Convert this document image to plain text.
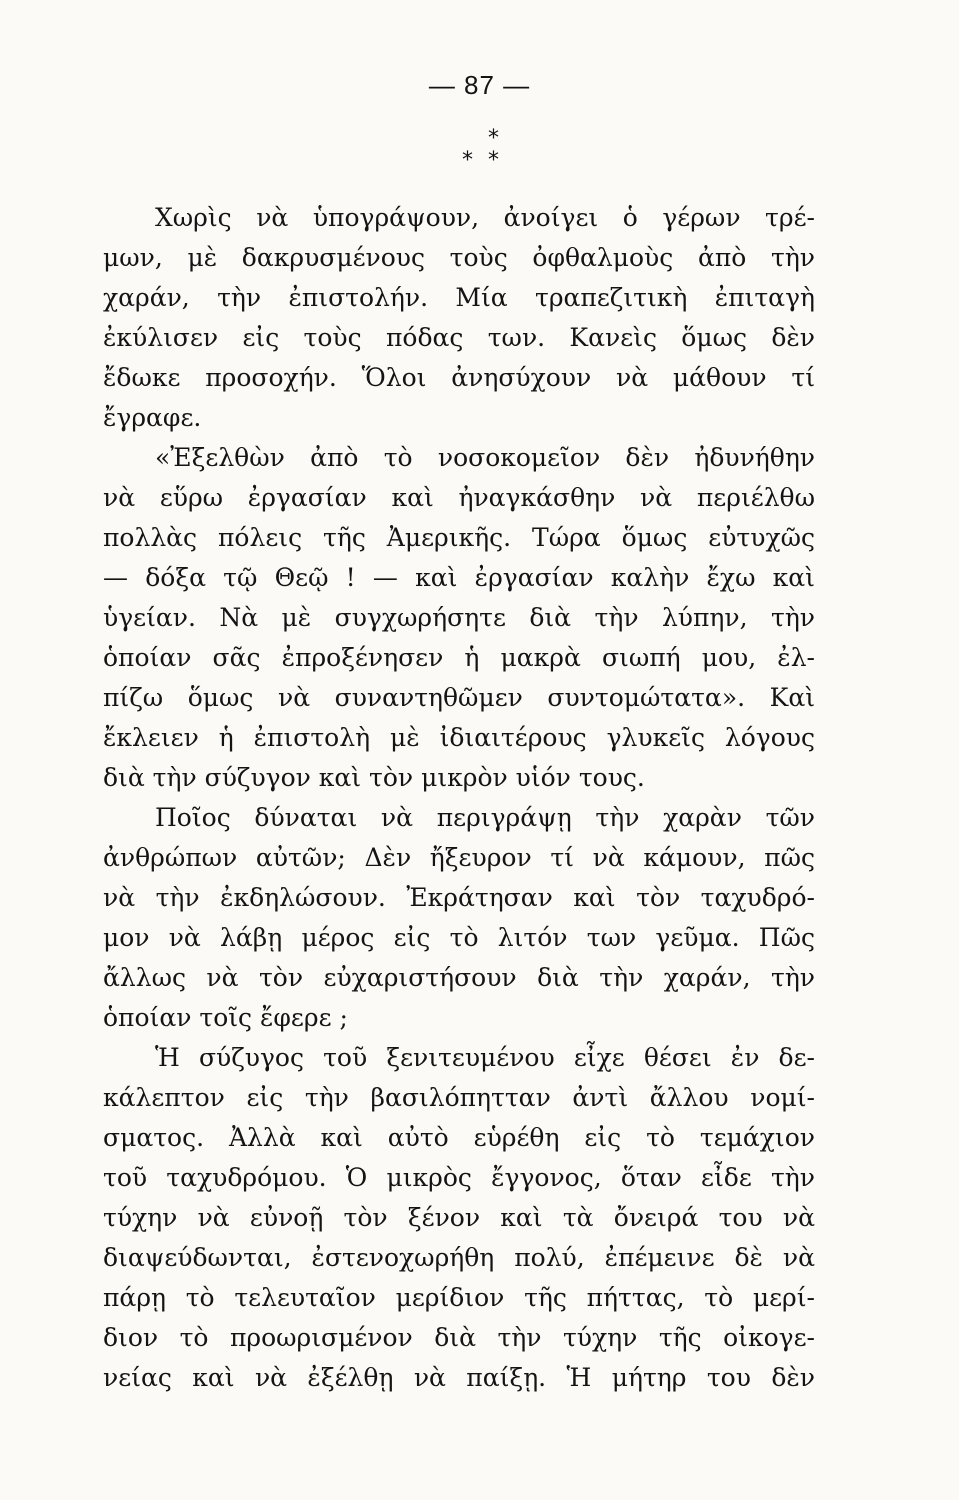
— 87 —
*
* *
Χωρὶς νὰ ὑπογράψουν, ἀνοίγει ὁ γέρων τρέ-
μων, μὲ δακρυσμένους τοὺς ὀφθαλμοὺς ἀπὸ τὴν
χαράν, τὴν ἐπιστολήν. Μία τραπεζιτικὴ ἐπιταγὴ
ἐκύλισεν εἰς τοὺς πόδας των. Κανεὶς ὅμως δὲν
ἔδωκε προσοχήν. Ὅλοι ἀνησύχουν νὰ μάθουν τί
ἔγραφε.
«Ἐξελθὼν ἀπὸ τὸ νοσοκομεῖον δὲν ἠδυνήθην
νὰ εὕρω ἐργασίαν καὶ ἠναγκάσθην νὰ περιέλθω
πολλὰς πόλεις τῆς Ἀμερικῆς. Τώρα ὅμως εὐτυχῶς
— δόξα τῷ Θεῷ ! — καὶ ἐργασίαν καλὴν ἔχω καὶ
ὑγείαν. Νὰ μὲ συγχωρήσητε διὰ τὴν λύπην, τὴν
ὁποίαν σᾶς ἐπροξένησεν ἡ μακρὰ σιωπή μου, ἐλ-
πίζω ὅμως νὰ συναντηθῶμεν συντομώτατα». Καὶ
ἔκλειεν ἡ ἐπιστολὴ μὲ ἰδιαιτέρους γλυκεῖς λόγους
διὰ τὴν σύζυγον καὶ τὸν μικρὸν υἱόν τους.
Ποῖος δύναται νὰ περιγράψῃ τὴν χαρὰν τῶν
ἀνθρώπων αὐτῶν; Δὲν ἤξευρον τί νὰ κάμουν, πῶς
νὰ τὴν ἐκδηλώσουν. Ἐκράτησαν καὶ τὸν ταχυδρό-
μον νὰ λάβῃ μέρος εἰς τὸ λιτόν των γεῦμα. Πῶς
ἄλλως νὰ τὸν εὐχαριστήσουν διὰ τὴν χαράν, τὴν
ὁποίαν τοῖς ἔφερε ;
Ἡ σύζυγος τοῦ ξενιτευμένου εἶχε θέσει ἐν δε-
κάλεπτον εἰς τὴν βασιλόπητταν ἀντὶ ἄλλου νομί-
σματος. Ἀλλὰ καὶ αὐτὸ εὑρέθη εἰς τὸ τεμάχιον
τοῦ ταχυδρόμου. Ὁ μικρὸς ἔγγονος, ὅταν εἶδε τὴν
τύχην νὰ εὐνοῇ τὸν ξένον καὶ τὰ ὄνειρά του νὰ
διαψεύδωνται, ἐστενοχωρήθη πολύ, ἐπέμεινε δὲ νὰ
πάρῃ τὸ τελευταῖον μερίδιον τῆς πήττας, τὸ μερί-
διον τὸ προωρισμένον διὰ τὴν τύχην τῆς οἰκογε-
νείας καὶ νὰ ἐξέλθῃ νὰ παίξῃ. Ἡ μήτηρ του δὲν
